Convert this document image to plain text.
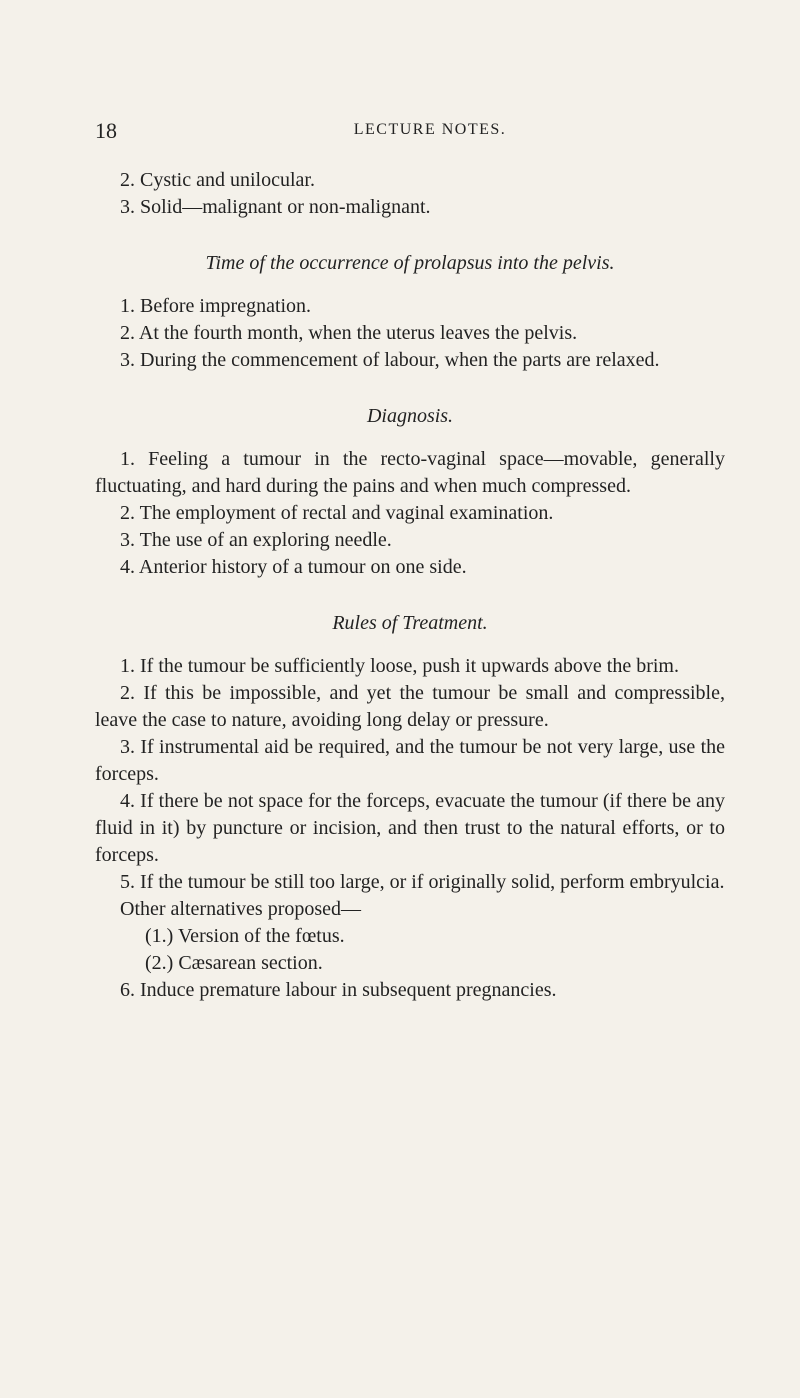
18	LECTURE NOTES.

2. Cystic and unilocular.

3. Solid—malignant or non-malignant.

Time of the occurrence of prolapsus into the pelvis.

1. Before impregnation.

2. At the fourth month, when the uterus leaves the pelvis.

3. During the commencement of labour, when the parts are relaxed.

Diagnosis.

1. Feeling a tumour in the recto-vaginal space—movable, generally fluctuating, and hard during the pains and when much compressed.

2. The employment of rectal and vaginal examination.

3. The use of an exploring needle.

4. Anterior history of a tumour on one side.

Rules of Treatment.

1. If the tumour be sufficiently loose, push it upwards above the brim.

2. If this be impossible, and yet the tumour be small and compressible, leave the case to nature, avoiding long delay or pressure.

3. If instrumental aid be required, and the tumour be not very large, use the forceps.

4. If there be not space for the forceps, evacuate the tumour (if there be any fluid in it) by puncture or incision, and then trust to the natural efforts, or to forceps.

5. If the tumour be still too large, or if originally solid, perform embryulcia.

Other alternatives proposed—

(1.) Version of the fœtus.

(2.) Cæsarean section.

6. Induce premature labour in subsequent pregnancies.
